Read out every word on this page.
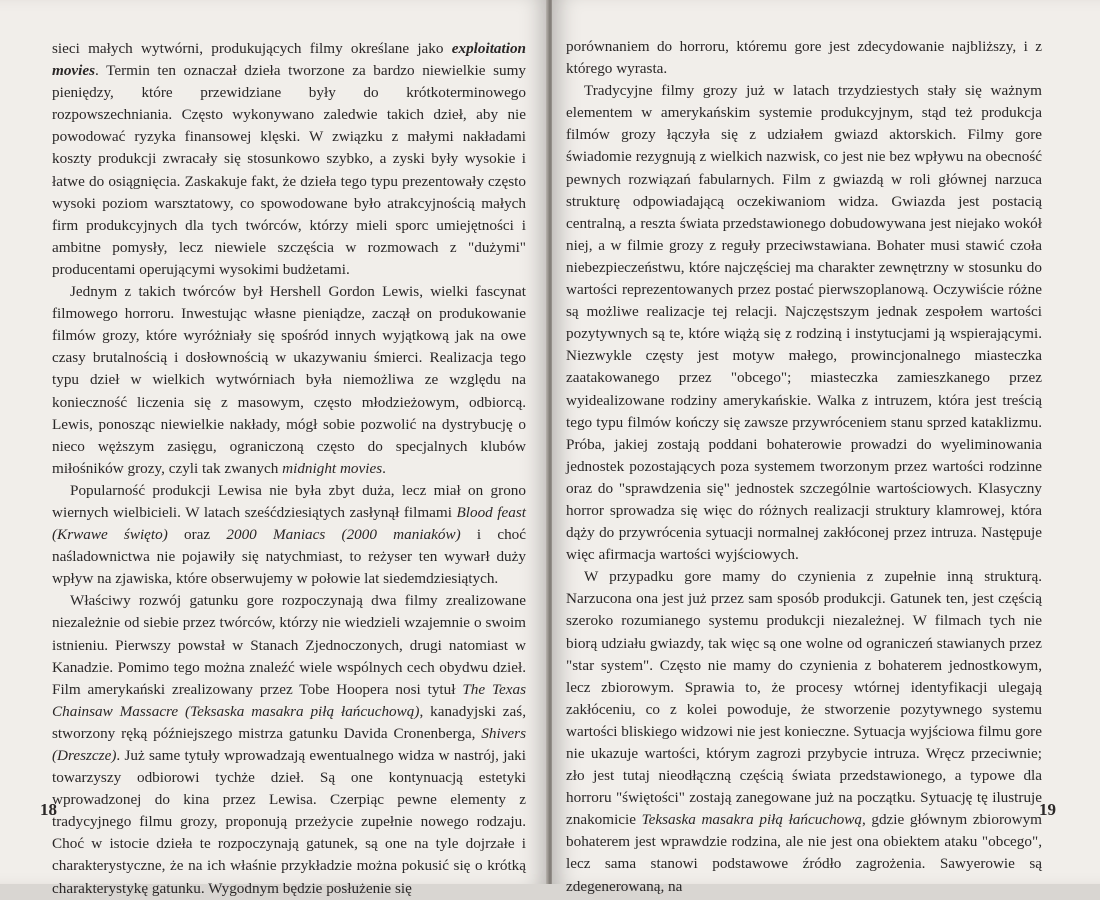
sieci małych wytwórni, produkujących filmy określane jako exploitation movies. Termin ten oznaczał dzieła tworzone za bardzo niewielkie sumy pieniędzy, które przewidziane były do krótkoterminowego rozpowszechniania. Często wykonywano zaledwie takich dzieł, aby nie powodować ryzyka finansowej klęski. W związku z małymi nakładami koszty produkcji zwracały się stosunkowo szybko, a zyski były wysokie i łatwe do osiągnięcia. Zaskakuje fakt, że dzieła tego typu prezentowały często wysoki poziom warsztatowy, co spowodowane było atrakcyjnością małych firm produkcyjnych dla tych twórców, którzy mieli sporc umiejętności i ambitne pomysły, lecz niewiele szczęścia w rozmowach z "dużymi" producentami operującymi wysokimi budżetami.

Jednym z takich twórców był Hershell Gordon Lewis, wielki fascynat filmowego horroru. Inwestując własne pieniądze, zaczął on produkowanie filmów grozy, które wyróżniały się spośród innych wyjątkową jak na owe czasy brutalnością i dosłownością w ukazywaniu śmierci. Realizacja tego typu dzieł w wielkich wytwórniach była niemożliwa ze względu na konieczność liczenia się z masowym, często młodzieżowym, odbiorcą. Lewis, ponosząc niewielkie nakłady, mógł sobie pozwolić na dystrybucję o nieco węższym zasięgu, ograniczoną często do specjalnych klubów miłośników grozy, czyli tak zwanych midnight movies.

Popularność produkcji Lewisa nie była zbyt duża, lecz miał on grono wiernych wielbicieli. W latach sześćdziesiątych zasłynął filmami Blood feast (Krwawe święto) oraz 2000 Maniacs (2000 maniaków) i choć naśladownictwa nie pojawiły się natychmiast, to reżyser ten wywarł duży wpływ na zjawiska, które obserwujemy w połowie lat siedemdziesiątych.

Właściwy rozwój gatunku gore rozpoczynają dwa filmy zrealizowane niezależnie od siebie przez twórców, którzy nie wiedzieli wzajemnie o swoim istnieniu. Pierwszy powstał w Stanach Zjednoczonych, drugi natomiast w Kanadzie. Pomimo tego można znaleźć wiele wspólnych cech obydwu dzieł. Film amerykański zrealizowany przez Tobe Hoopera nosi tytuł The Texas Chainsaw Massacre (Teksaska masakra piłą łańcuchową), kanadyjski zaś, stworzony ręką późniejszego mistrza gatunku Davida Cronenberga, Shivers (Dreszcze). Już same tytuły wprowadzają ewentualnego widza w nastrój, jaki towarzyszy odbiorowi tychże dzieł. Są one kontynuacją estetyki wprowadzonej do kina przez Lewisa. Czerpiąc pewne elementy z tradycyjnego filmu grozy, proponują przeżycie zupełnie nowego rodzaju. Choć w istocie dzieła te rozpoczynają gatunek, są one na tyle dojrzałe i charakterystyczne, że na ich właśnie przykładzie można pokusić się o krótką charakterystykę gatunku. Wygodnym będzie posłużenie się

18

porównaniem do horroru, któremu gore jest zdecydowanie najbliższy, i z którego wyrasta.

Tradycyjne filmy grozy już w latach trzydziestych stały się ważnym elementem w amerykańskim systemie produkcyjnym, stąd też produkcja filmów grozy łączyła się z udziałem gwiazd aktorskich. Filmy gore świadomie rezygnują z wielkich nazwisk, co jest nie bez wpływu na obecność pewnych rozwiązań fabularnych. Film z gwiazdą w roli głównej narzuca strukturę odpowiadającą oczekiwaniom widza. Gwiazda jest postacią centralną, a reszta świata przedstawionego dobudowywana jest niejako wokół niej, a w filmie grozy z reguły przeciwstawiana. Bohater musi stawić czoła niebezpieczeństwu, które najczęściej ma charakter zewnętrzny w stosunku do wartości reprezentowanych przez postać pierwszoplanową. Oczywiście różne są możliwe realizacje tej relacji. Najczęstszym jednak zespołem wartości pozytywnych są te, które wiążą się z rodziną i instytucjami ją wspierającymi. Niezwykle częsty jest motyw małego, prowincjonalnego miasteczka zaatakowanego przez "obcego"; miasteczka zamieszkanego przez wyidealizowane rodziny amerykańskie. Walka z intruzem, która jest treścią tego typu filmów kończy się zawsze przywróceniem stanu sprzed kataklizmu. Próba, jakiej zostają poddani bohaterowie prowadzi do wyeliminowania jednostek pozostających poza systemem tworzonym przez wartości rodzinne oraz do "sprawdzenia się" jednostek szczególnie wartościowych. Klasyczny horror sprowadza się więc do różnych realizacji struktury klamrowej, która dąży do przywrócenia sytuacji normalnej zakłóconej przez intruza. Następuje więc afirmacja wartości wyjściowych.

W przypadku gore mamy do czynienia z zupełnie inną strukturą. Narzucona ona jest już przez sam sposób produkcji. Gatunek ten, jest częścią szeroko rozumianego systemu produkcji niezależnej. W filmach tych nie biorą udziału gwiazdy, tak więc są one wolne od ograniczeń stawianych przez "star system". Często nie mamy do czynienia z bohaterem jednostkowym, lecz zbiorowym. Sprawia to, że procesy wtórnej identyfikacji ulegają zakłóceniu, co z kolei powoduje, że stworzenie pozytywnego systemu wartości bliskiego widzowi nie jest konieczne. Sytuacja wyjściowa filmu gore nie ukazuje wartości, którym zagrozi przybycie intruza. Wręcz przeciwnie; zło jest tutaj nieodłączną częścią świata przedstawionego, a typowe dla horroru "świętości" zostają zanegowane już na początku. Sytuację tę ilustruje znakomicie Teksaska masakra piłą łańcuchową, gdzie głównym zbiorowym bohaterem jest wprawdzie rodzina, ale nie jest ona obiektem ataku "obcego", lecz sama stanowi podstawowe źródło zagrożenia. Sawyerowie są zdegenerowaną, na

19
